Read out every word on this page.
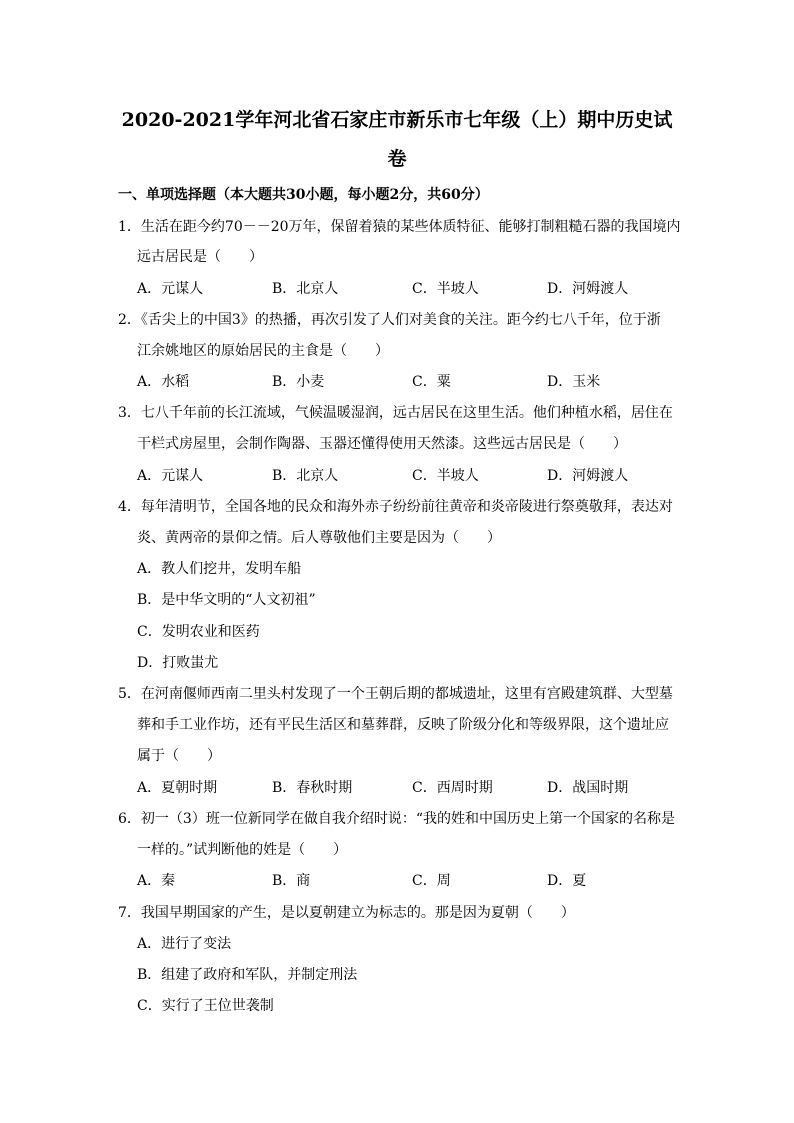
2020-2021学年河北省石家庄市新乐市七年级（上）期中历史试
卷
一、单项选择题（本大题共30小题，每小题2分，共60分）
1．生活在距今约70－－20万年，保留着猿的某些体质特征、能够打制粗糙石器的我国境内
远古居民是（　　）
A．元谋人	B．北京人	C．半坡人	D．河姆渡人
2．《舌尖上的中国3》的热播，再次引发了人们对美食的关注。距今约七八千年，位于浙
江余姚地区的原始居民的主食是（　　）
A．水稻	B．小麦	C．粟	D．玉米
3．七八千年前的长江流域，气候温暖湿润，远古居民在这里生活。他们种植水稻，居住在
干栏式房屋里，会制作陶器、玉器还懂得使用天然漆。这些远古居民是（　　）
A．元谋人	B．北京人	C．半坡人	D．河姆渡人
4．每年清明节，全国各地的民众和海外赤子纷纷前往黄帝和炎帝陵进行祭奠敬拜，表达对
炎、黄两帝的景仰之情。后人尊敬他们主要是因为（　　）
A．教人们挖井，发明车船
B．是中华文明的“人文初祖”
C．发明农业和医药
D．打败蚩尤
5．在河南偃师西南二里头村发现了一个王朝后期的都城遗址，这里有宫殿建筑群、大型墓
葬和手工业作坊，还有平民生活区和墓葬群，反映了阶级分化和等级界限，这个遗址应
属于（　　）
A．夏朝时期	B．春秋时期	C．西周时期	D．战国时期
6．初一（3）班一位新同学在做自我介绍时说：“我的姓和中国历史上第一个国家的名称是
一样的。”试判断他的姓是（　　）
A．秦	B．商	C．周	D．夏
7．我国早期国家的产生，是以夏朝建立为标志的。那是因为夏朝（　　）
A．进行了变法
B．组建了政府和军队，并制定刑法
C．实行了王位世袭制
